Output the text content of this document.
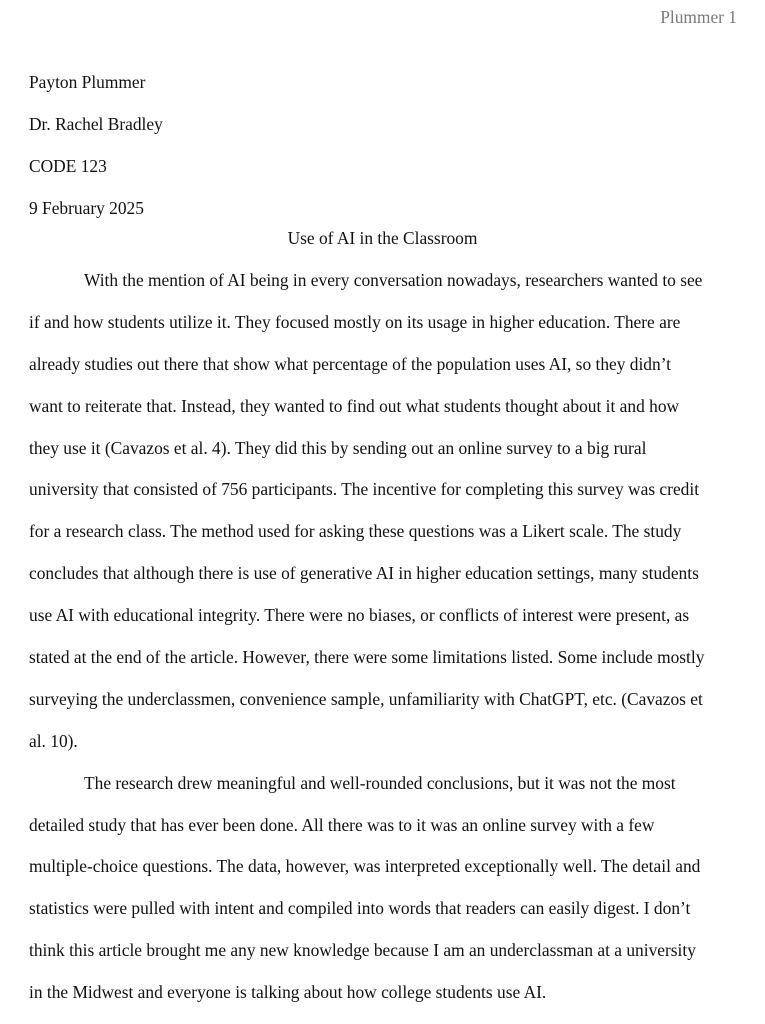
Plummer 1
Payton Plummer
Dr. Rachel Bradley
CODE 123
9 February 2025
Use of AI in the Classroom
With the mention of AI being in every conversation nowadays, researchers wanted to see
if and how students utilize it. They focused mostly on its usage in higher education. There are
already studies out there that show what percentage of the population uses AI, so they didn’t
want to reiterate that. Instead, they wanted to find out what students thought about it and how
they use it (Cavazos et al. 4). They did this by sending out an online survey to a big rural
university that consisted of 756 participants. The incentive for completing this survey was credit
for a research class. The method used for asking these questions was a Likert scale. The study
concludes that although there is use of generative AI in higher education settings, many students
use AI with educational integrity. There were no biases, or conflicts of interest were present, as
stated at the end of the article. However, there were some limitations listed. Some include mostly
surveying the underclassmen, convenience sample, unfamiliarity with ChatGPT, etc. (Cavazos et
al. 10).
The research drew meaningful and well-rounded conclusions, but it was not the most
detailed study that has ever been done. All there was to it was an online survey with a few
multiple-choice questions. The data, however, was interpreted exceptionally well. The detail and
statistics were pulled with intent and compiled into words that readers can easily digest. I don’t
think this article brought me any new knowledge because I am an underclassman at a university
in the Midwest and everyone is talking about how college students use AI.
